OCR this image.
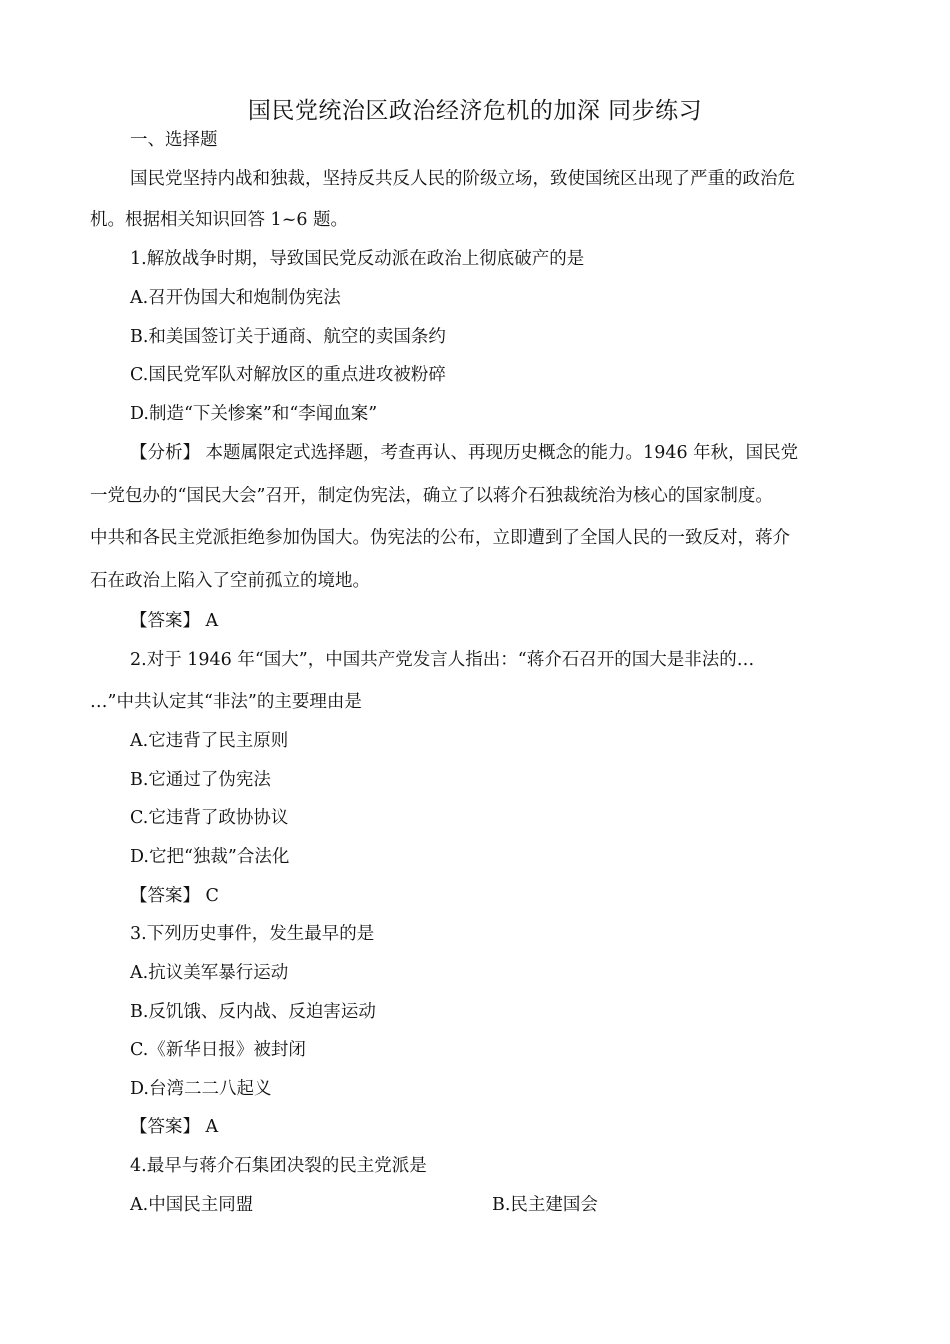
国民党统治区政治经济危机的加深 同步练习
一、选择题
国民党坚持内战和独裁，坚持反共反人民的阶级立场，致使国统区出现了严重的政治危
机。根据相关知识回答 1~6 题。
1.解放战争时期，导致国民党反动派在政治上彻底破产的是
A.召开伪国大和炮制伪宪法
B.和美国签订关于通商、航空的卖国条约
C.国民党军队对解放区的重点进攻被粉碎
D.制造“下关惨案”和“李闻血案”
【分析】 本题属限定式选择题，考查再认、再现历史概念的能力。1946 年秋，国民党
一党包办的“国民大会”召开，制定伪宪法，确立了以蒋介石独裁统治为核心的国家制度。
中共和各民主党派拒绝参加伪国大。伪宪法的公布，立即遭到了全国人民的一致反对，蒋介
石在政治上陷入了空前孤立的境地。
【答案】 A
2.对于 1946 年“国大”，中国共产党发言人指出：“蒋介石召开的国大是非法的…
…”中共认定其“非法”的主要理由是
A.它违背了民主原则
B.它通过了伪宪法
C.它违背了政协协议
D.它把“独裁”合法化
【答案】 C
3.下列历史事件，发生最早的是
A.抗议美军暴行运动
B.反饥饿、反内战、反迫害运动
C.《新华日报》被封闭
D.台湾二二八起义
【答案】 A
4.最早与蒋介石集团决裂的民主党派是
A.中国民主同盟	B.民主建国会
